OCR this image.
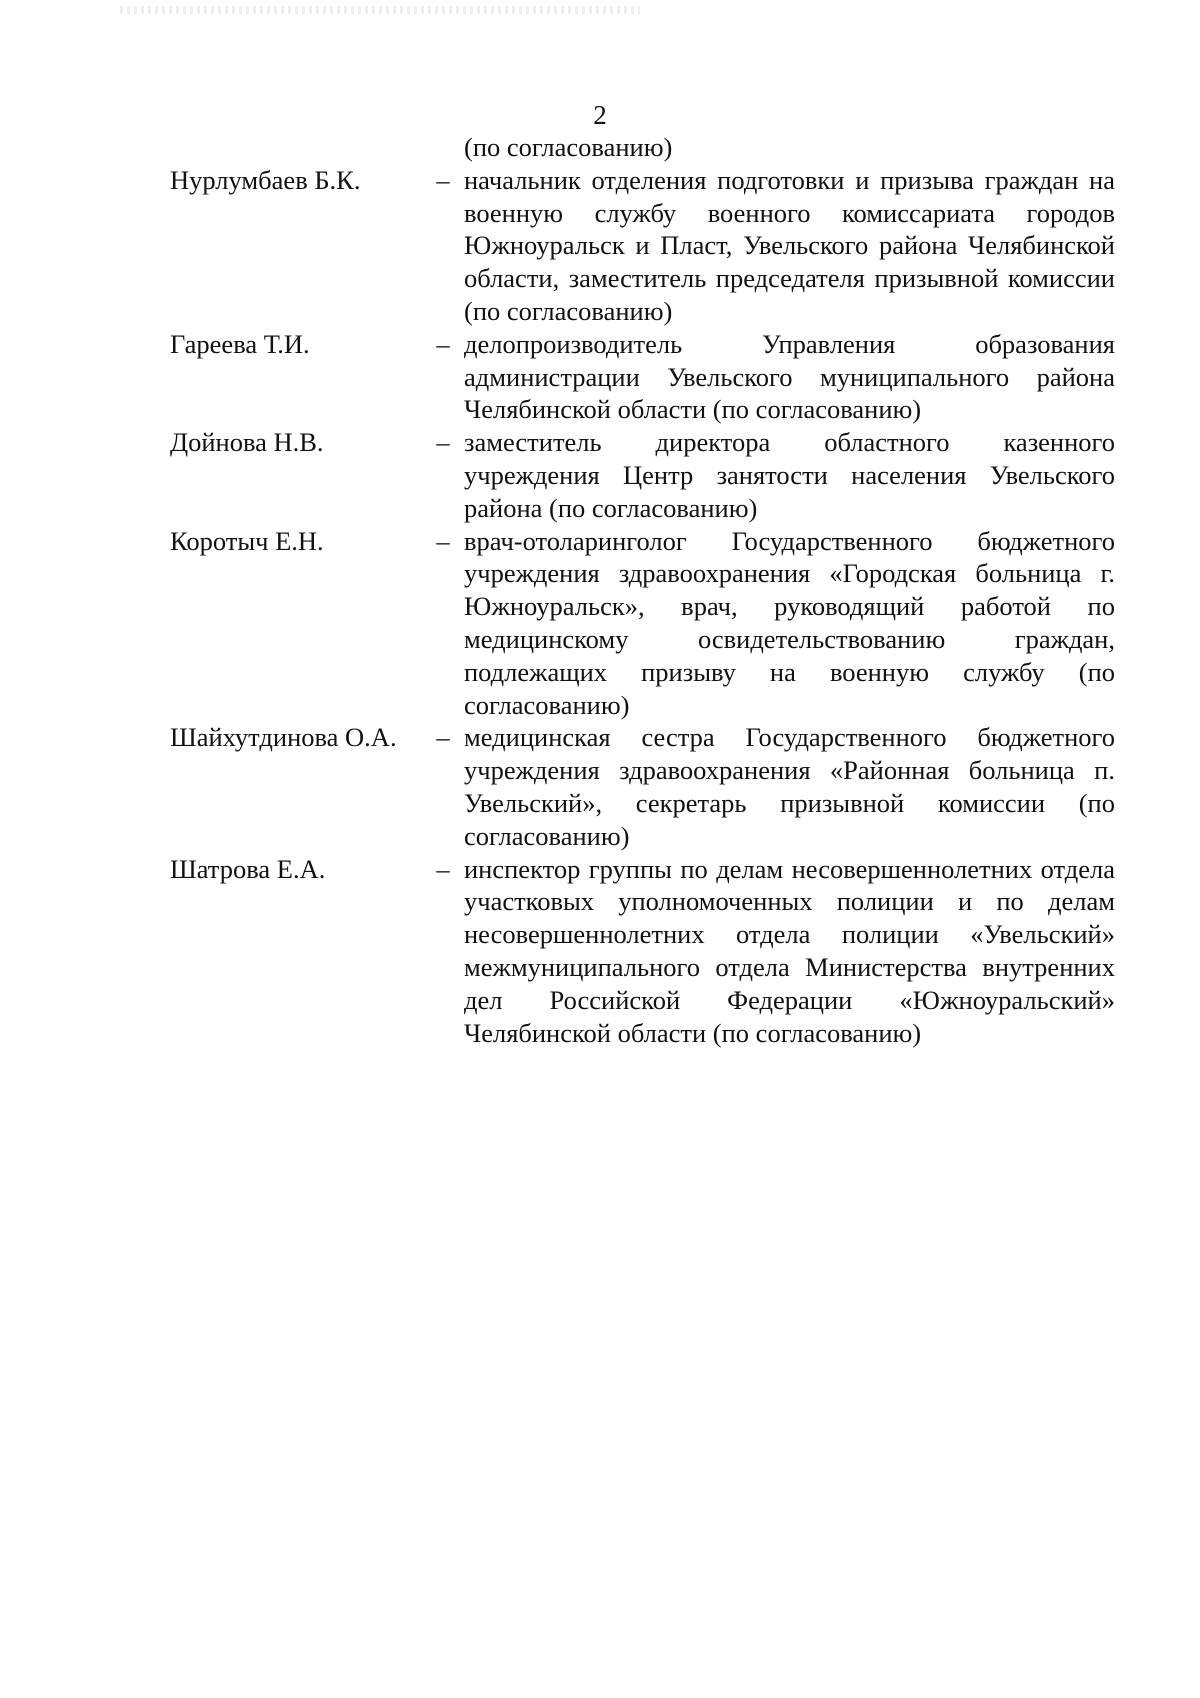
2
(по согласованию)
Нурлумбаев Б.К.	– начальник отделения подготовки и призыва граждан на военную службу военного комиссариата городов Южноуральск и Пласт, Увельского района Челябинской области, заместитель председателя призывной комиссии (по согласованию)
Гареева Т.И.	– делопроизводитель Управления образования администрации Увельского муниципального района Челябинской области (по согласованию)
Дойнова Н.В.	– заместитель директора областного казенного учреждения Центр занятости населения Увельского района (по согласованию)
Коротыч Е.Н.	– врач-отоларинголог Государственного бюджетного учреждения здравоохранения «Городская больница г. Южноуральск», врач, руководящий работой по медицинскому освидетельствованию граждан, подлежащих призыву на военную службу (по согласованию)
Шайхутдинова О.А.	– медицинская сестра Государственного бюджетного учреждения здравоохранения «Районная больница п. Увельский», секретарь призывной комиссии (по согласованию)
Шатрова Е.А.	– инспектор группы по делам несовершеннолетних отдела участковых уполномоченных полиции и по делам несовершеннолетних отдела полиции «Увельский» межмуниципального отдела Министерства внутренних дел Российской Федерации «Южноуральский» Челябинской области (по согласованию)
